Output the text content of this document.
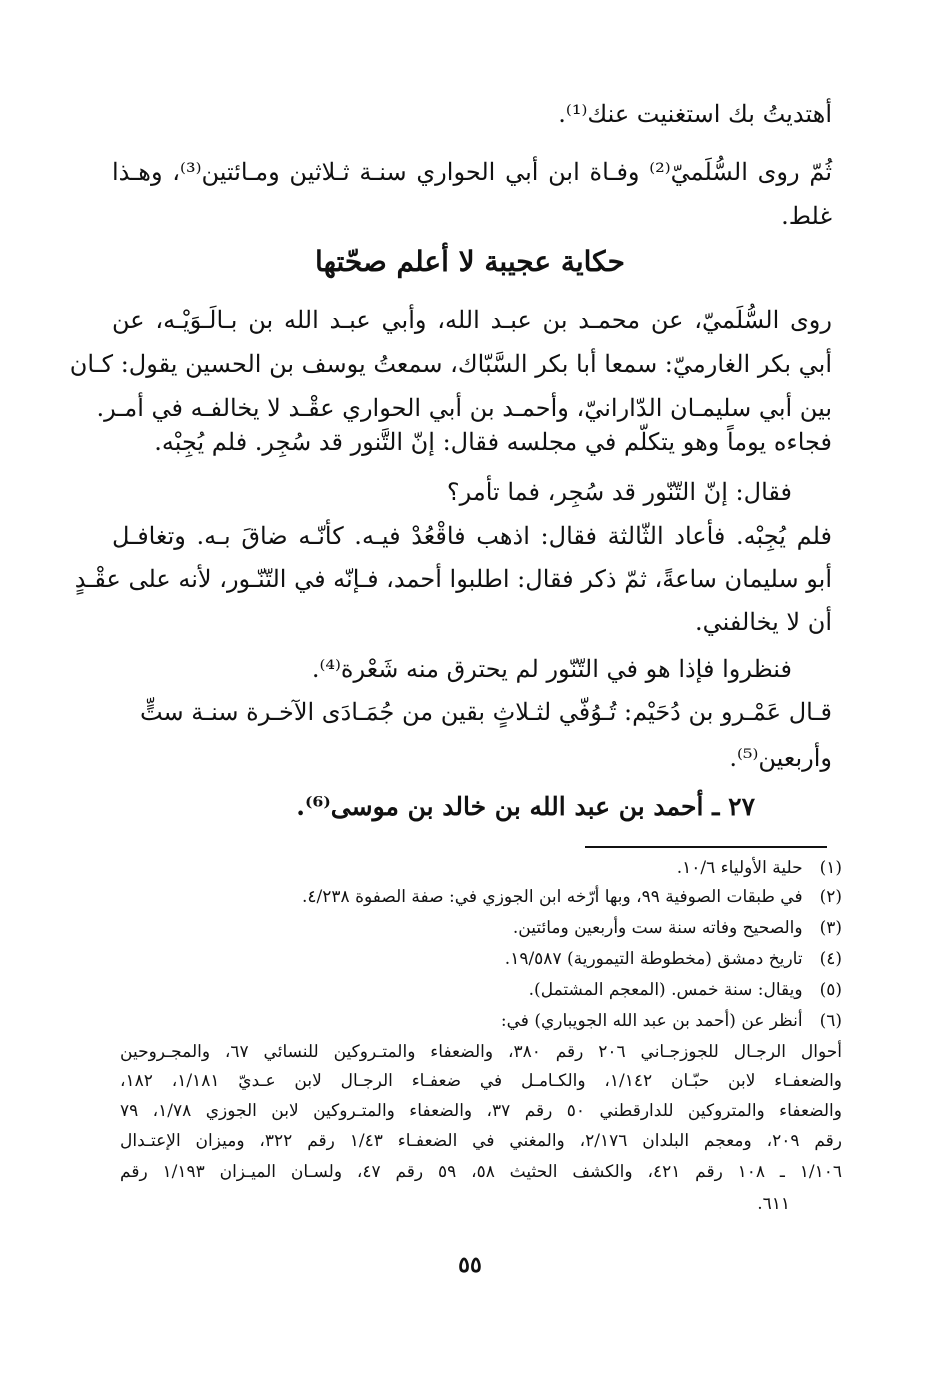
أهتديتُ بك استغنيت عنك⁽¹⁾.
ثُمّ روى السُّلَميّ⁽²⁾ وفـاة ابن أبي الحواري سنـة ثـلاثين ومـائتين⁽³⁾، وهـذا
غلط.
حكاية عجيبة لا أعلم صحّتها
روى السُّلَميّ، عن محمـد بن عبـد الله، وأبي عبـد الله بن بـالَـوَيْـه، عن
أبي بكر الغارميّ: سمعا أبا بكر السَّبّاك، سمعتُ يوسف بن الحسين يقول: كـان
بين أبي سليمـان الدّارانيّ، وأحمـد بن أبي الحواري عقْـد لا يخالفـه في أمـر.
فجاءه يوماً وهو يتكلّم في مجلسه فقال: إنّ التَّنور قد سُجِر. فلم يُجِبْه.
فقال: إنّ التّنّور قد سُجِر، فما تأمر؟
فلم يُجِبْه. فأعاد الثّالثة فقال: اذهب فاقْعُدْ فيـه. كأنّـه ضاقَ بـه. وتغافـل
أبو سليمان ساعةً، ثمّ ذكر فقال: اطلبوا أحمد، فـإنّه في التّنّـور، لأنه على عقْـدٍ
أن لا يخالفني.
فنظروا فإذا هو في التّنّور لم يحترق منه شَعْرة⁽⁴⁾.
قـال عَمْـرو بن دُحَيْم: تُـوُفّي لثـلاثٍ بقين من جُمَـادَى الآخـرة سنـة ستٍّ
وأربعين⁽⁵⁾.
٢٧ ـ أحمد بن عبد الله بن خالد بن موسى⁽⁶⁾.
(١) حلية الأولياء ١٠/٦.
(٢) في طبقات الصوفية ٩٩، وبها أرّخه ابن الجوزي في: صفة الصفوة ٤/٢٣٨.
(٣) والصحيح وفاته سنة ست وأربعين ومائتين.
(٤) تاريخ دمشق (مخطوطة التيمورية) ١٩/٥٨٧.
(٥) ويقال: سنة خمس. (المعجم المشتمل).
(٦) أنظر عن (أحمد بن عبد الله الجويباري) في:
أحوال الرجـال للجوزجـاني ٢٠٦ رقم ٣٨٠، والضعفاء والمتـروكين للنسائي ٦٧، والمجـروحين
والضعفـاء لابن حبّـان ١/١٤٢، والكـامـل في ضعفـاء الرجـال لابن عـديّ ١/١٨١، ١٨٢،
والضعفاء والمتروكين للدارقطني ٥٠ رقم ٣٧، والضعفاء والمتـروكين لابن الجوزي ١/٧٨، ٧٩
رقم ٢٠٩، ومعجم البلدان ٢/١٧٦، والمغني في الضعفـاء ١/٤٣ رقم ٣٢٢، وميزان الإعتـدال
١/١٠٦ ـ ١٠٨ رقم ٤٢١، والكشف الحثيث ٥٨، ٥٩ رقم ٤٧، ولسـان الميـزان ١/١٩٣ رقم
٦١١.
٥٥
